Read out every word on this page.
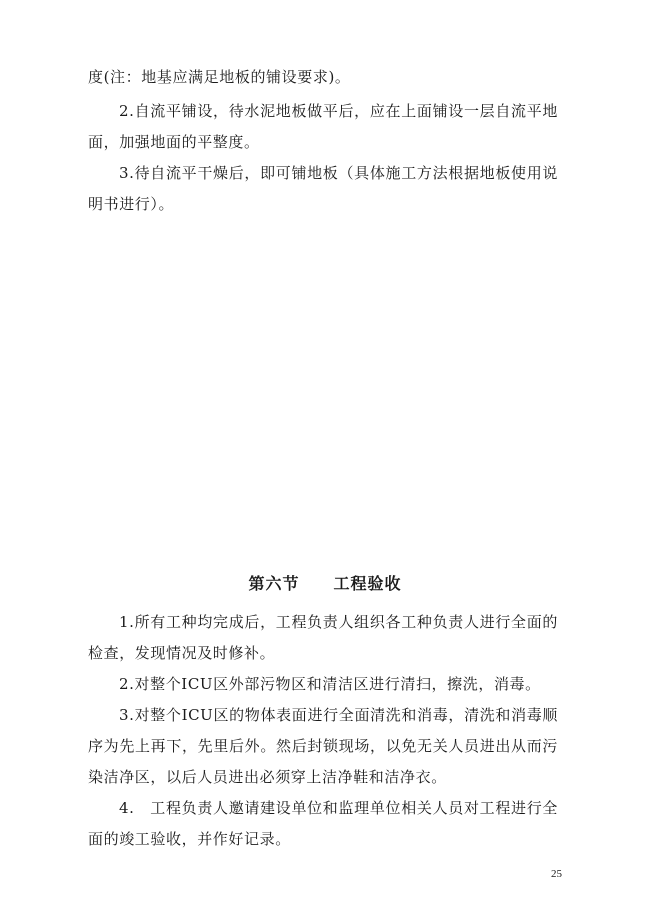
度(注：地基应满足地板的铺设要求)。

2.自流平铺设，待水泥地板做平后，应在上面铺设一层自流平地面，加强地面的平整度。

3.待自流平干燥后，即可铺地板（具体施工方法根据地板使用说明书进行）。

第六节 工程验收

1.所有工种均完成后，工程负责人组织各工种负责人进行全面的检查，发现情况及时修补。

2.对整个ICU区外部污物区和清洁区进行清扫，擦洗，消毒。

3.对整个ICU区的物体表面进行全面清洗和消毒，清洗和消毒顺序为先上再下，先里后外。然后封锁现场，以免无关人员进出从而污染洁净区，以后人员进出必须穿上洁净鞋和洁净衣。

4.　工程负责人邀请建设单位和监理单位相关人员对工程进行全面的竣工验收，并作好记录。

25
